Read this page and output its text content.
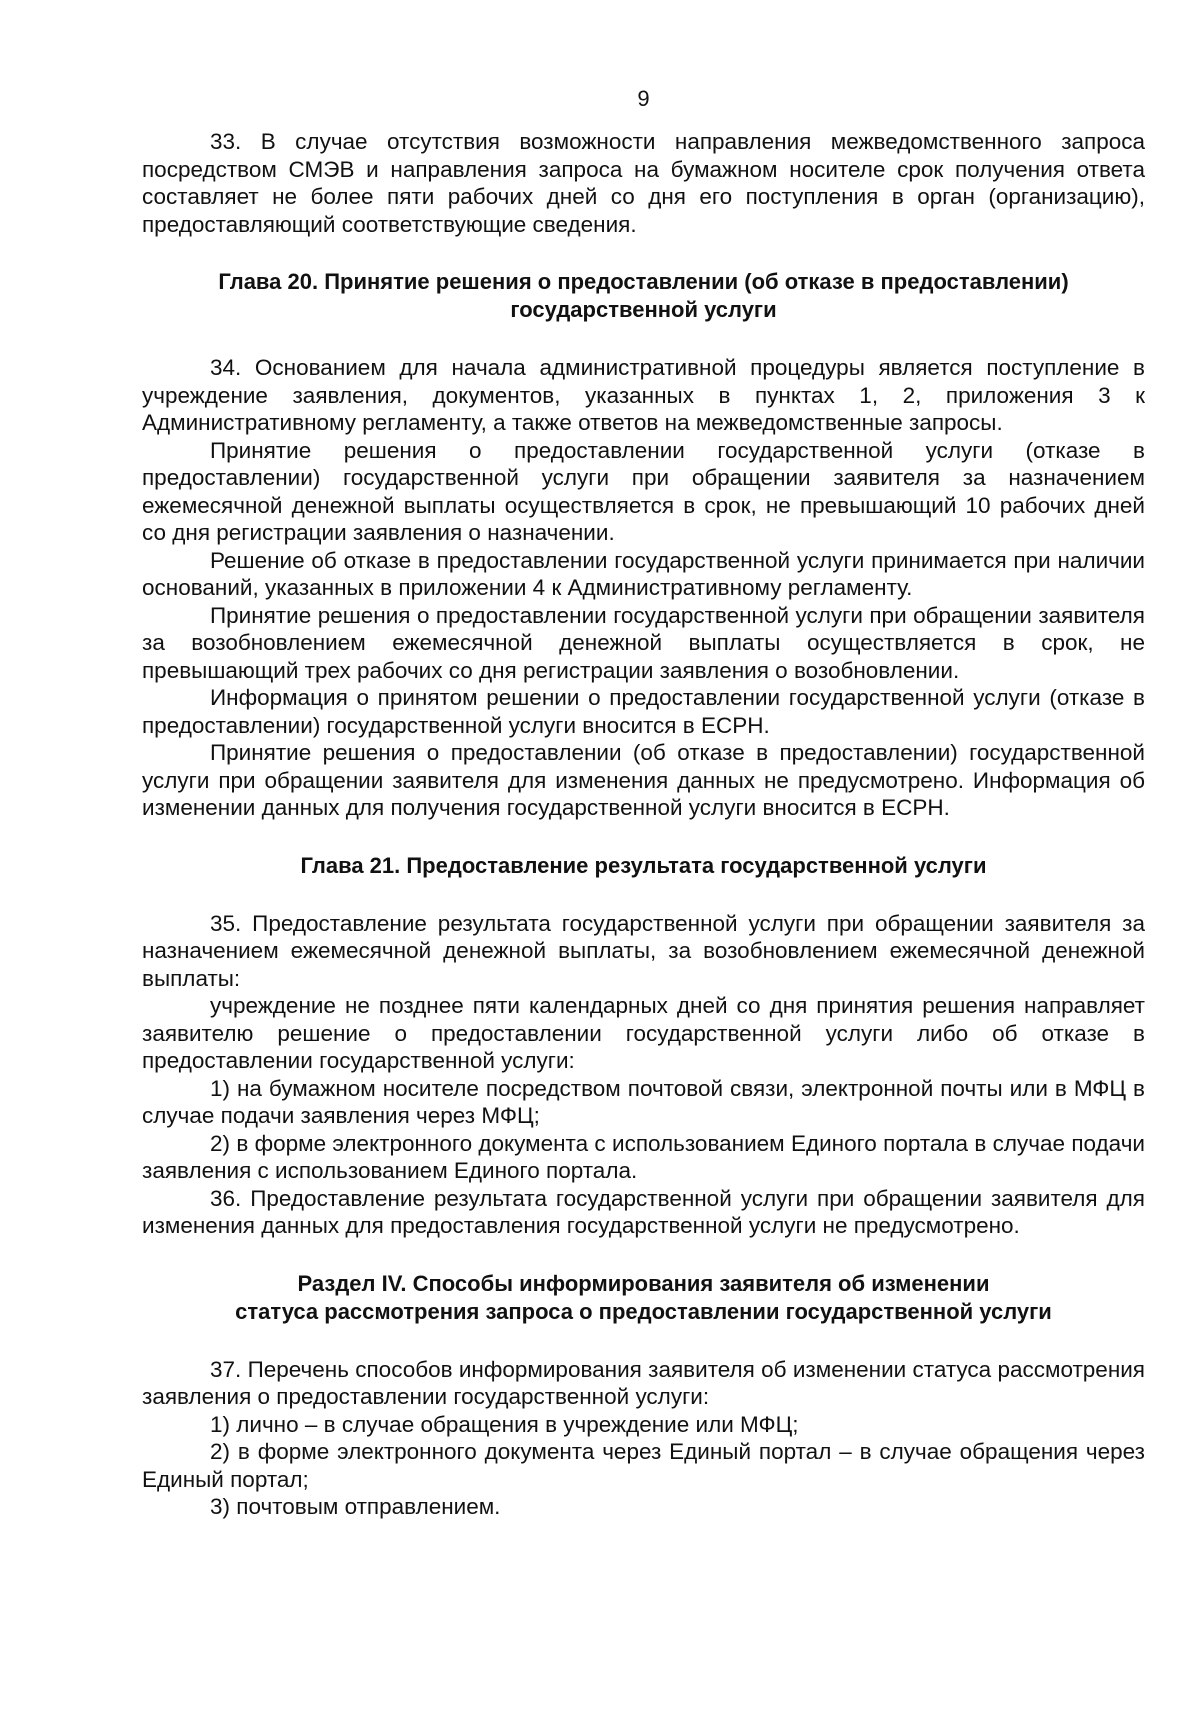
9

33. В случае отсутствия возможности направления межведомственного запроса посредством СМЭВ и направления запроса на бумажном носителе срок получения ответа составляет не более пяти рабочих дней со дня его поступления в орган (организацию), предоставляющий соответствующие сведения.

Глава 20. Принятие решения о предоставлении (об отказе в предоставлении)
государственной услуги

34. Основанием для начала административной процедуры является поступление в учреждение заявления, документов, указанных в пунктах 1, 2, приложения 3 к Административному регламенту, а также ответов на межведомственные запросы.

Принятие решения о предоставлении государственной услуги (отказе в предоставлении) государственной услуги при обращении заявителя за назначением ежемесячной денежной выплаты осуществляется в срок, не превышающий 10 рабочих дней со дня регистрации заявления о назначении.

Решение об отказе в предоставлении государственной услуги принимается при наличии оснований, указанных в приложении 4 к Административному регламенту.

Принятие решения о предоставлении государственной услуги при обращении заявителя за возобновлением ежемесячной денежной выплаты осуществляется в срок, не превышающий трех рабочих со дня регистрации заявления о возобновлении.

Информация о принятом решении о предоставлении государственной услуги (отказе в предоставлении) государственной услуги вносится в ЕСРН.

Принятие решения о предоставлении (об отказе в предоставлении) государственной услуги при обращении заявителя для изменения данных не предусмотрено. Информация об изменении данных для получения государственной услуги вносится в ЕСРН.

Глава 21. Предоставление результата государственной услуги

35. Предоставление результата государственной услуги при обращении заявителя за назначением ежемесячной денежной выплаты, за возобновлением ежемесячной денежной выплаты:

учреждение не позднее пяти календарных дней со дня принятия решения направляет заявителю решение о предоставлении государственной услуги либо об отказе в предоставлении государственной услуги:

1) на бумажном носителе посредством почтовой связи, электронной почты или в МФЦ в случае подачи заявления через МФЦ;

2) в форме электронного документа с использованием Единого портала в случае подачи заявления с использованием Единого портала.

36. Предоставление результата государственной услуги при обращении заявителя для изменения данных для предоставления государственной услуги не предусмотрено.

Раздел IV. Способы информирования заявителя об изменении
статуса рассмотрения запроса о предоставлении государственной услуги

37. Перечень способов информирования заявителя об изменении статуса рассмотрения заявления о предоставлении государственной услуги:

1) лично – в случае обращения в учреждение или МФЦ;

2) в форме электронного документа через Единый портал – в случае обращения через Единый портал;

3) почтовым отправлением.
